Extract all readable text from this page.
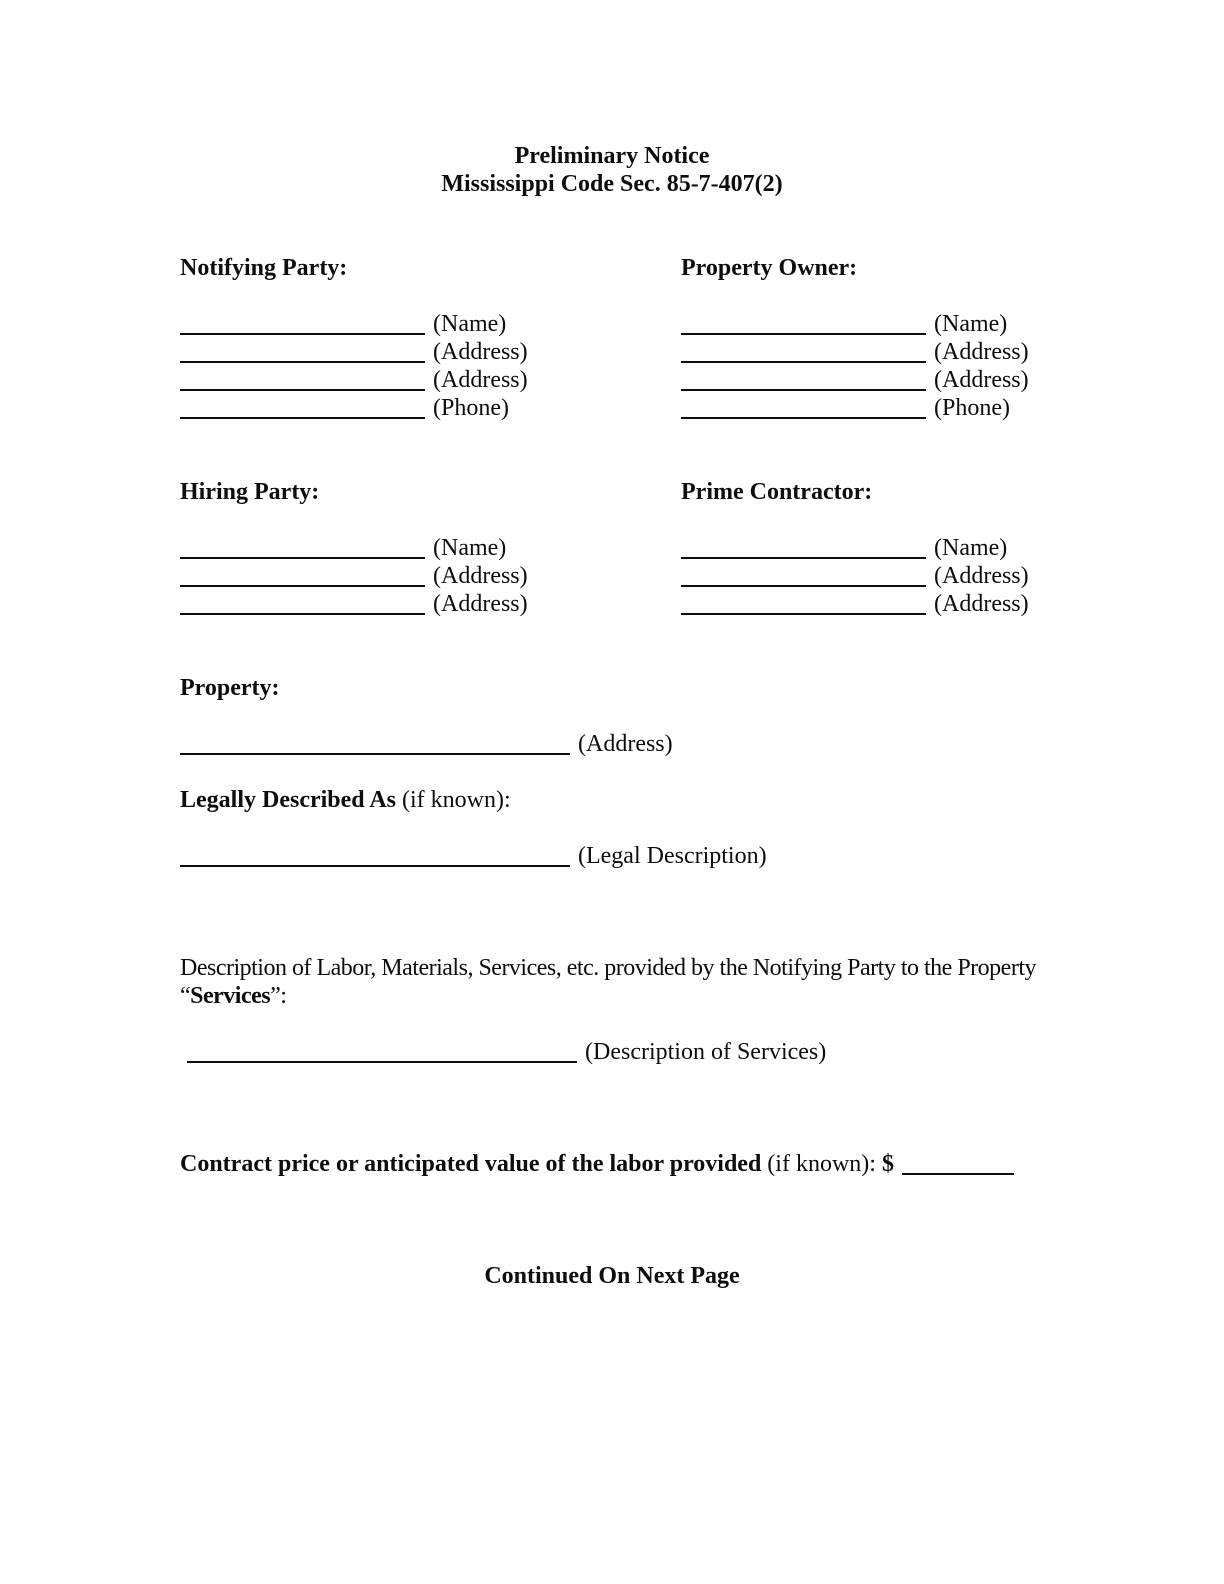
Preliminary Notice
Mississippi Code Sec. 85-7-407(2)
Notifying Party:
(Name)
(Address)
(Address)
(Phone)
Property Owner:
(Name)
(Address)
(Address)
(Phone)
Hiring Party:
(Name)
(Address)
(Address)
Prime Contractor:
(Name)
(Address)
(Address)
Property:
(Address)
Legally Described As (if known):
(Legal Description)
Description of Labor, Materials, Services, etc. provided by the Notifying Party to the Property “Services”:
(Description of Services)
Contract price or anticipated value of the labor provided (if known): $
Continued On Next Page
